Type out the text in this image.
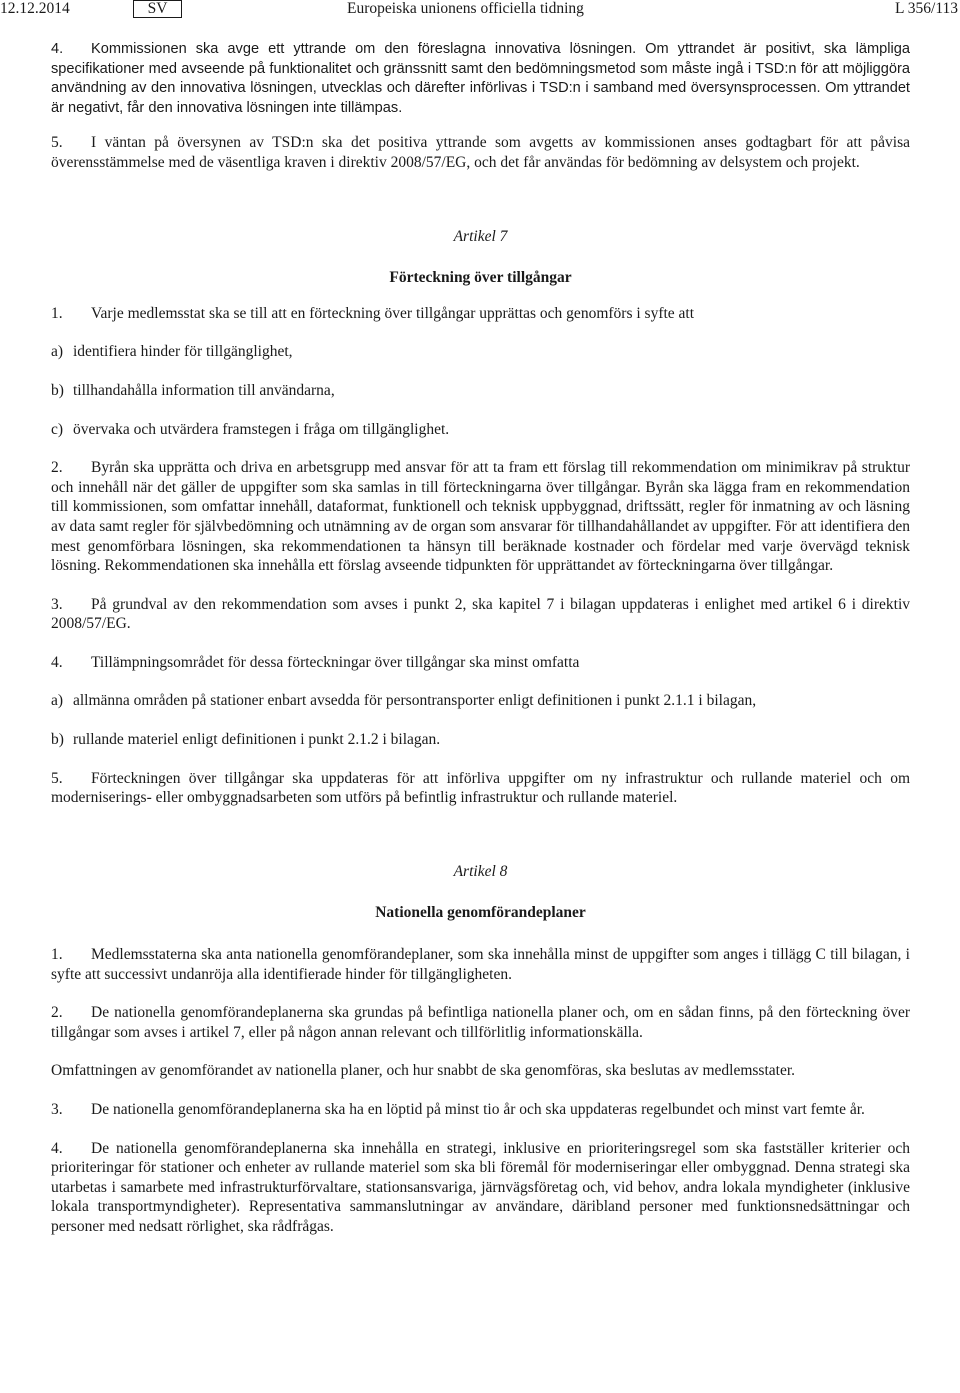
12.12.2014	SV	Europeiska unionens officiella tidning	L 356/113

4. Kommissionen ska avge ett yttrande om den föreslagna innovativa lösningen. Om yttrandet är positivt, ska lämpliga specifikationer med avseende på funktionalitet och gränssnitt samt den bedömningsmetod som måste ingå i TSD:n för att möjliggöra användning av den innovativa lösningen, utvecklas och därefter införlivas i TSD:n i samband med översynsprocessen. Om yttrandet är negativt, får den innovativa lösningen inte tillämpas.

5. I väntan på översynen av TSD:n ska det positiva yttrande som avgetts av kommissionen anses godtagbart för att påvisa överensstämmelse med de väsentliga kraven i direktiv 2008/57/EG, och det får användas för bedömning av delsystem och projekt.

Artikel 7

Förteckning över tillgångar

1. Varje medlemsstat ska se till att en förteckning över tillgångar upprättas och genomförs i syfte att

a) identifiera hinder för tillgänglighet,

b) tillhandahålla information till användarna,

c) övervaka och utvärdera framstegen i fråga om tillgänglighet.

2. Byrån ska upprätta och driva en arbetsgrupp med ansvar för att ta fram ett förslag till rekommendation om minimikrav på struktur och innehåll när det gäller de uppgifter som ska samlas in till förteckningarna över tillgångar. Byrån ska lägga fram en rekommendation till kommissionen, som omfattar innehåll, dataformat, funktionell och teknisk uppbyggnad, driftssätt, regler för inmatning av och läsning av data samt regler för självbedömning och utnämning av de organ som ansvarar för tillhandahållandet av uppgifter. För att identifiera den mest genomförbara lösningen, ska rekommendationen ta hänsyn till beräknade kostnader och fördelar med varje övervägd teknisk lösning. Rekommendationen ska innehålla ett förslag avseende tidpunkten för upprättandet av förteckningarna över tillgångar.

3. På grundval av den rekommendation som avses i punkt 2, ska kapitel 7 i bilagan uppdateras i enlighet med artikel 6 i direktiv 2008/57/EG.

4. Tillämpningsområdet för dessa förteckningar över tillgångar ska minst omfatta

a) allmänna områden på stationer enbart avsedda för persontransporter enligt definitionen i punkt 2.1.1 i bilagan,

b) rullande materiel enligt definitionen i punkt 2.1.2 i bilagan.

5. Förteckningen över tillgångar ska uppdateras för att införliva uppgifter om ny infrastruktur och rullande materiel och om moderniserings- eller ombyggnadsarbeten som utförs på befintlig infrastruktur och rullande materiel.

Artikel 8

Nationella genomförandeplaner

1. Medlemsstaterna ska anta nationella genomförandeplaner, som ska innehålla minst de uppgifter som anges i tillägg C till bilagan, i syfte att successivt undanröja alla identifierade hinder för tillgängligheten.

2. De nationella genomförandeplanerna ska grundas på befintliga nationella planer och, om en sådan finns, på den förteckning över tillgångar som avses i artikel 7, eller på någon annan relevant och tillförlitlig informationskälla.

Omfattningen av genomförandet av nationella planer, och hur snabbt de ska genomföras, ska beslutas av medlemsstater.

3. De nationella genomförandeplanerna ska ha en löptid på minst tio år och ska uppdateras regelbundet och minst vart femte år.

4. De nationella genomförandeplanerna ska innehålla en strategi, inklusive en prioriteringsregel som ska fastställer kriterier och prioriteringar för stationer och enheter av rullande materiel som ska bli föremål för moderniseringar eller ombyggnad. Denna strategi ska utarbetas i samarbete med infrastrukturförvaltare, stationsansvariga, järnvägsföretag och, vid behov, andra lokala myndigheter (inklusive lokala transportmyndigheter). Representativa sammanslutningar av användare, däribland personer med funktionsnedsättningar och personer med nedsatt rörlighet, ska rådfrågas.
